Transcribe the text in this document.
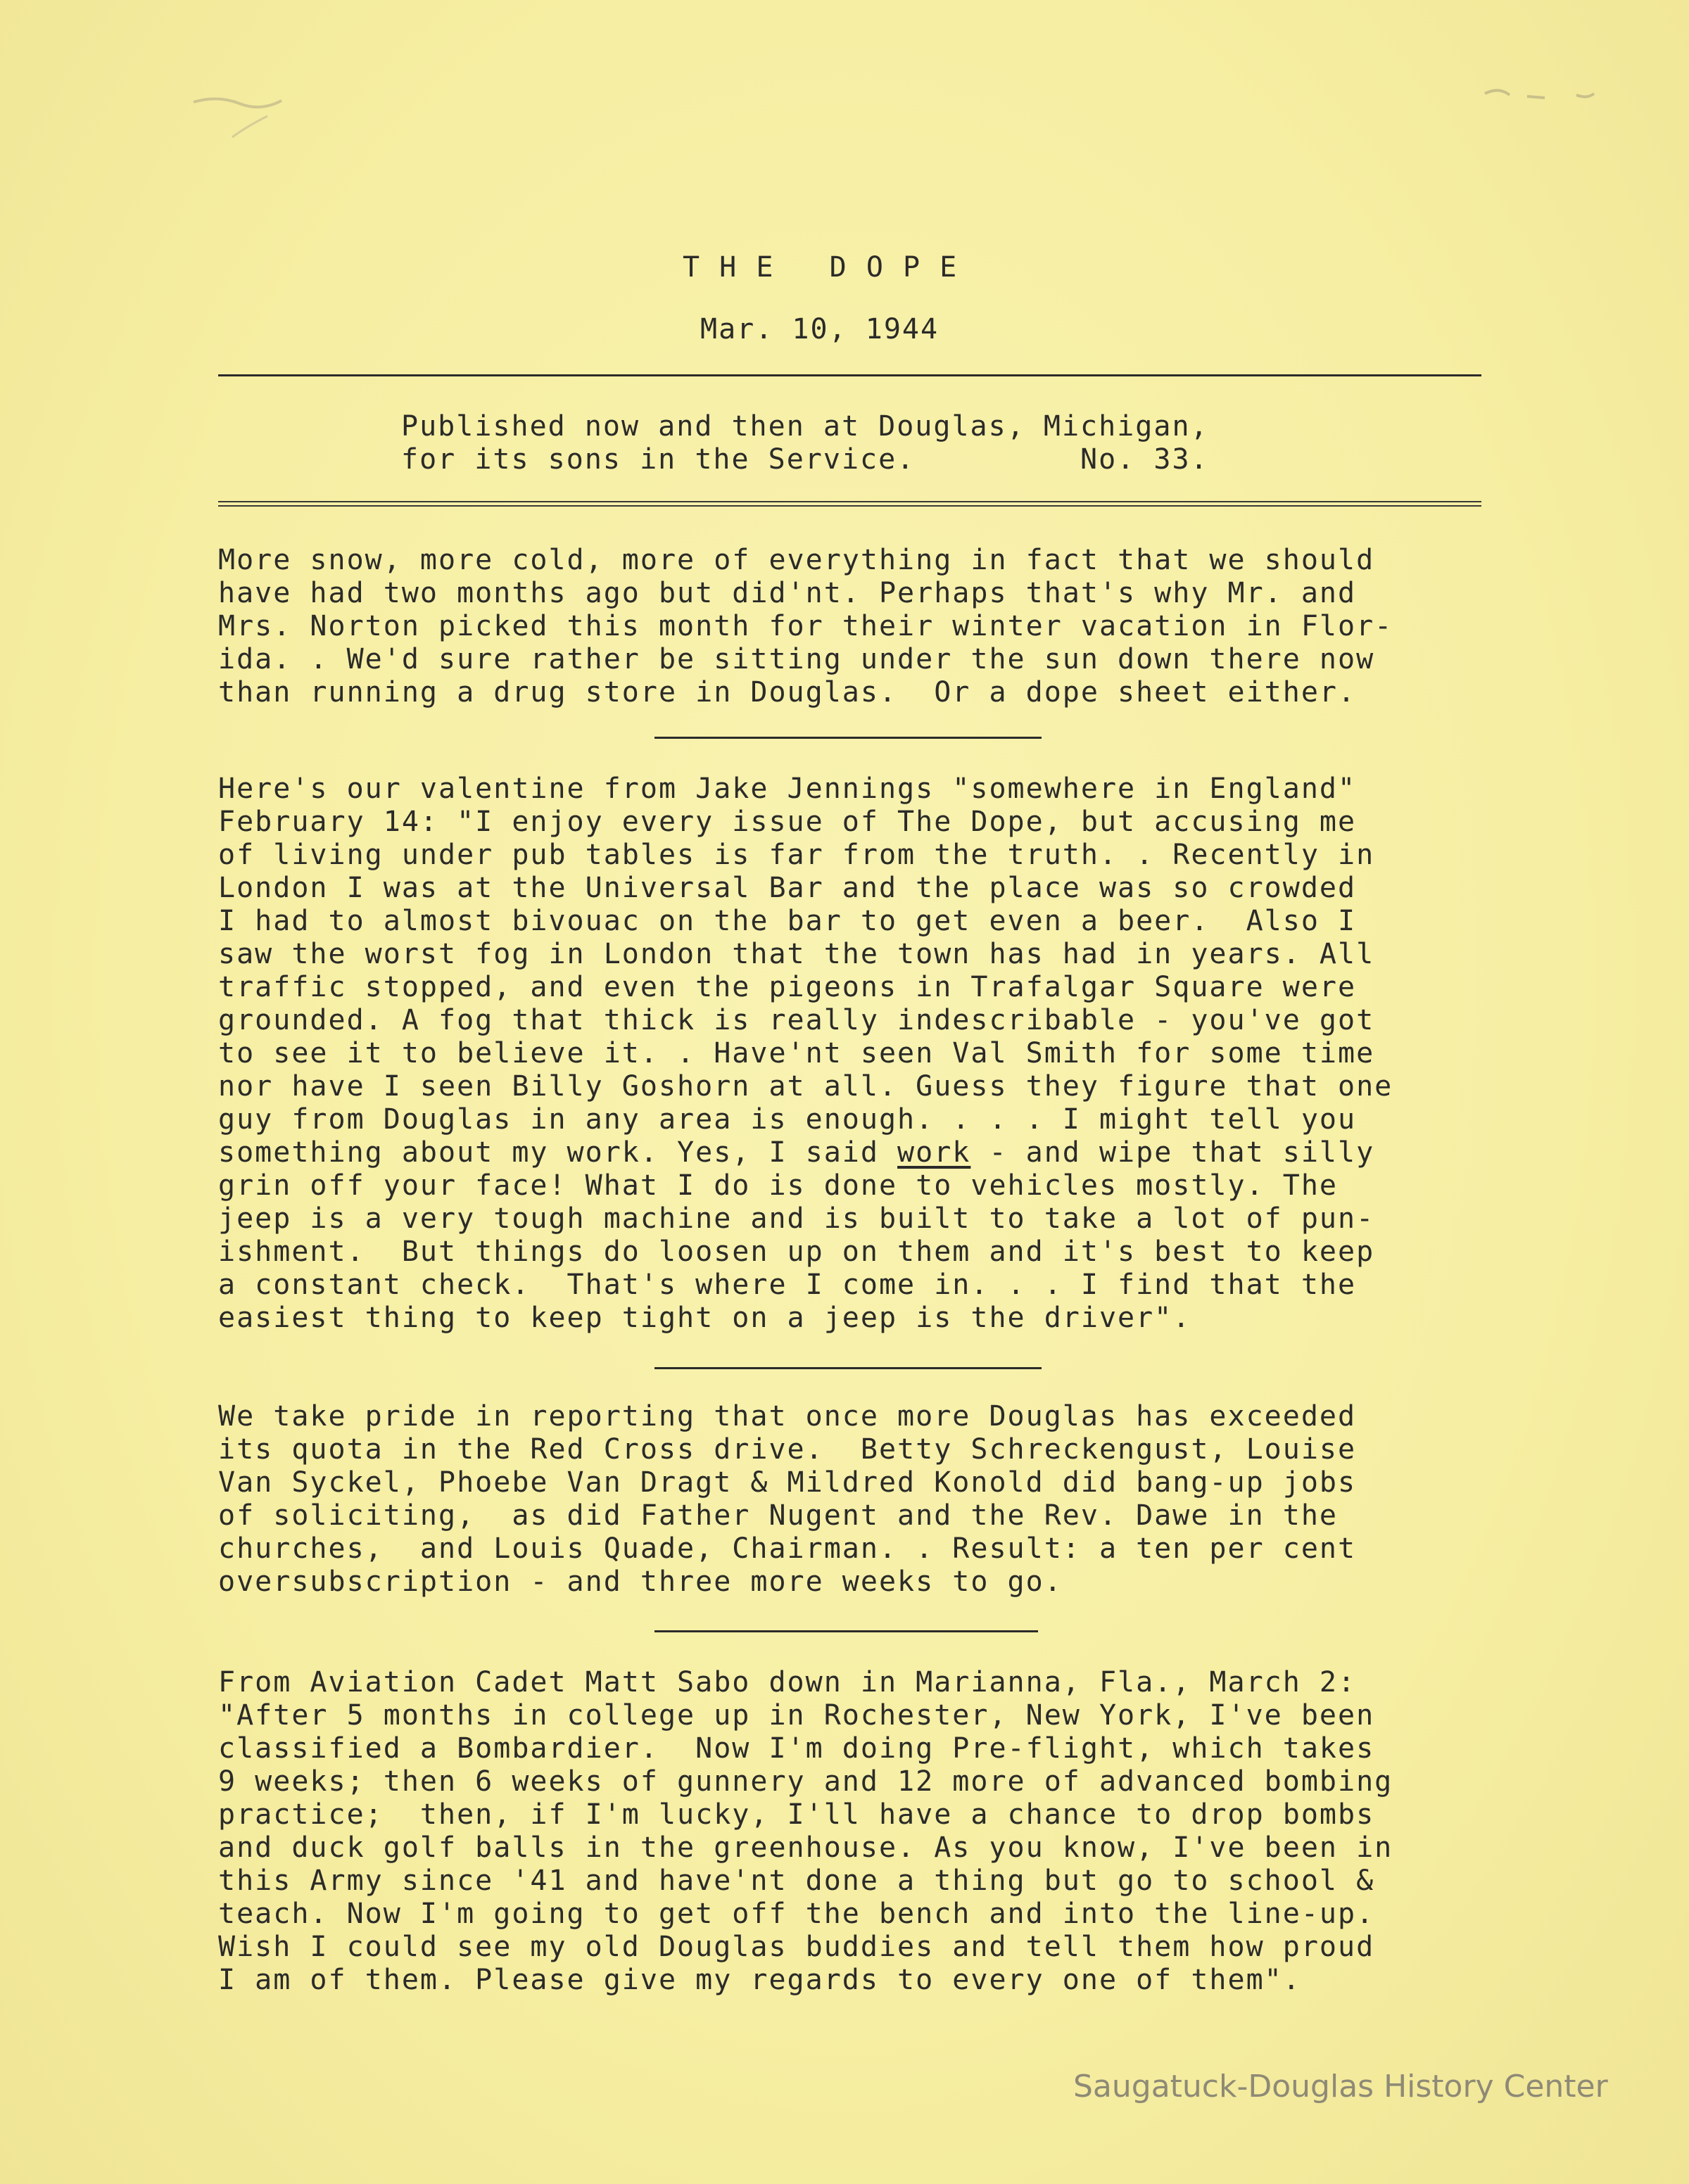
T H E   D O P E
Mar. 10, 1944
Published now and then at Douglas, Michigan,
for its sons in the Service.         No. 33.
More snow, more cold, more of everything in fact that we should
have had two months ago but did'nt. Perhaps that's why Mr. and
Mrs. Norton picked this month for their winter vacation in Flor-
ida. . We'd sure rather be sitting under the sun down there now
than running a drug store in Douglas.  Or a dope sheet either.
Here's our valentine from Jake Jennings "somewhere in England"
February 14: "I enjoy every issue of The Dope, but accusing me
of living under pub tables is far from the truth. . Recently in
London I was at the Universal Bar and the place was so crowded
I had to almost bivouac on the bar to get even a beer.  Also I
saw the worst fog in London that the town has had in years. All
traffic stopped, and even the pigeons in Trafalgar Square were
grounded. A fog that thick is really indescribable - you've got
to see it to believe it. . Have'nt seen Val Smith for some time
nor have I seen Billy Goshorn at all. Guess they figure that one
guy from Douglas in any area is enough. . . . I might tell you
something about my work. Yes, I said work - and wipe that silly
grin off your face! What I do is done to vehicles mostly. The
jeep is a very tough machine and is built to take a lot of pun-
ishment.  But things do loosen up on them and it's best to keep
a constant check.  That's where I come in. . . I find that the
easiest thing to keep tight on a jeep is the driver".
We take pride in reporting that once more Douglas has exceeded
its quota in the Red Cross drive.  Betty Schreckengust, Louise
Van Syckel, Phoebe Van Dragt & Mildred Konold did bang-up jobs
of soliciting,  as did Father Nugent and the Rev. Dawe in the
churches,  and Louis Quade, Chairman. . Result: a ten per cent
oversubscription - and three more weeks to go.
From Aviation Cadet Matt Sabo down in Marianna, Fla., March 2:
"After 5 months in college up in Rochester, New York, I've been
classified a Bombardier.  Now I'm doing Pre-flight, which takes
9 weeks; then 6 weeks of gunnery and 12 more of advanced bombing
practice;  then, if I'm lucky, I'll have a chance to drop bombs
and duck golf balls in the greenhouse. As you know, I've been in
this Army since '41 and have'nt done a thing but go to school &
teach. Now I'm going to get off the bench and into the line-up.
Wish I could see my old Douglas buddies and tell them how proud
I am of them. Please give my regards to every one of them".
Saugatuck-Douglas History Center
